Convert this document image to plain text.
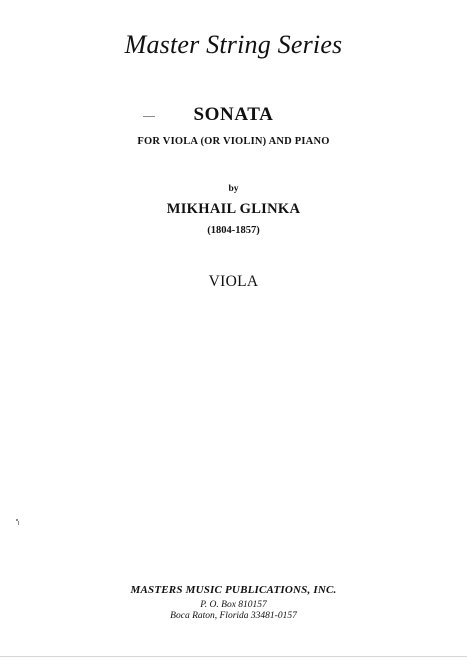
Master String Series
SONATA
FOR VIOLA (OR VIOLIN) AND PIANO
by
MIKHAIL GLINKA
(1804-1857)
VIOLA
MASTERS MUSIC PUBLICATIONS, INC.
P. O. Box 810157
Boca Raton, Florida 33481-0157
